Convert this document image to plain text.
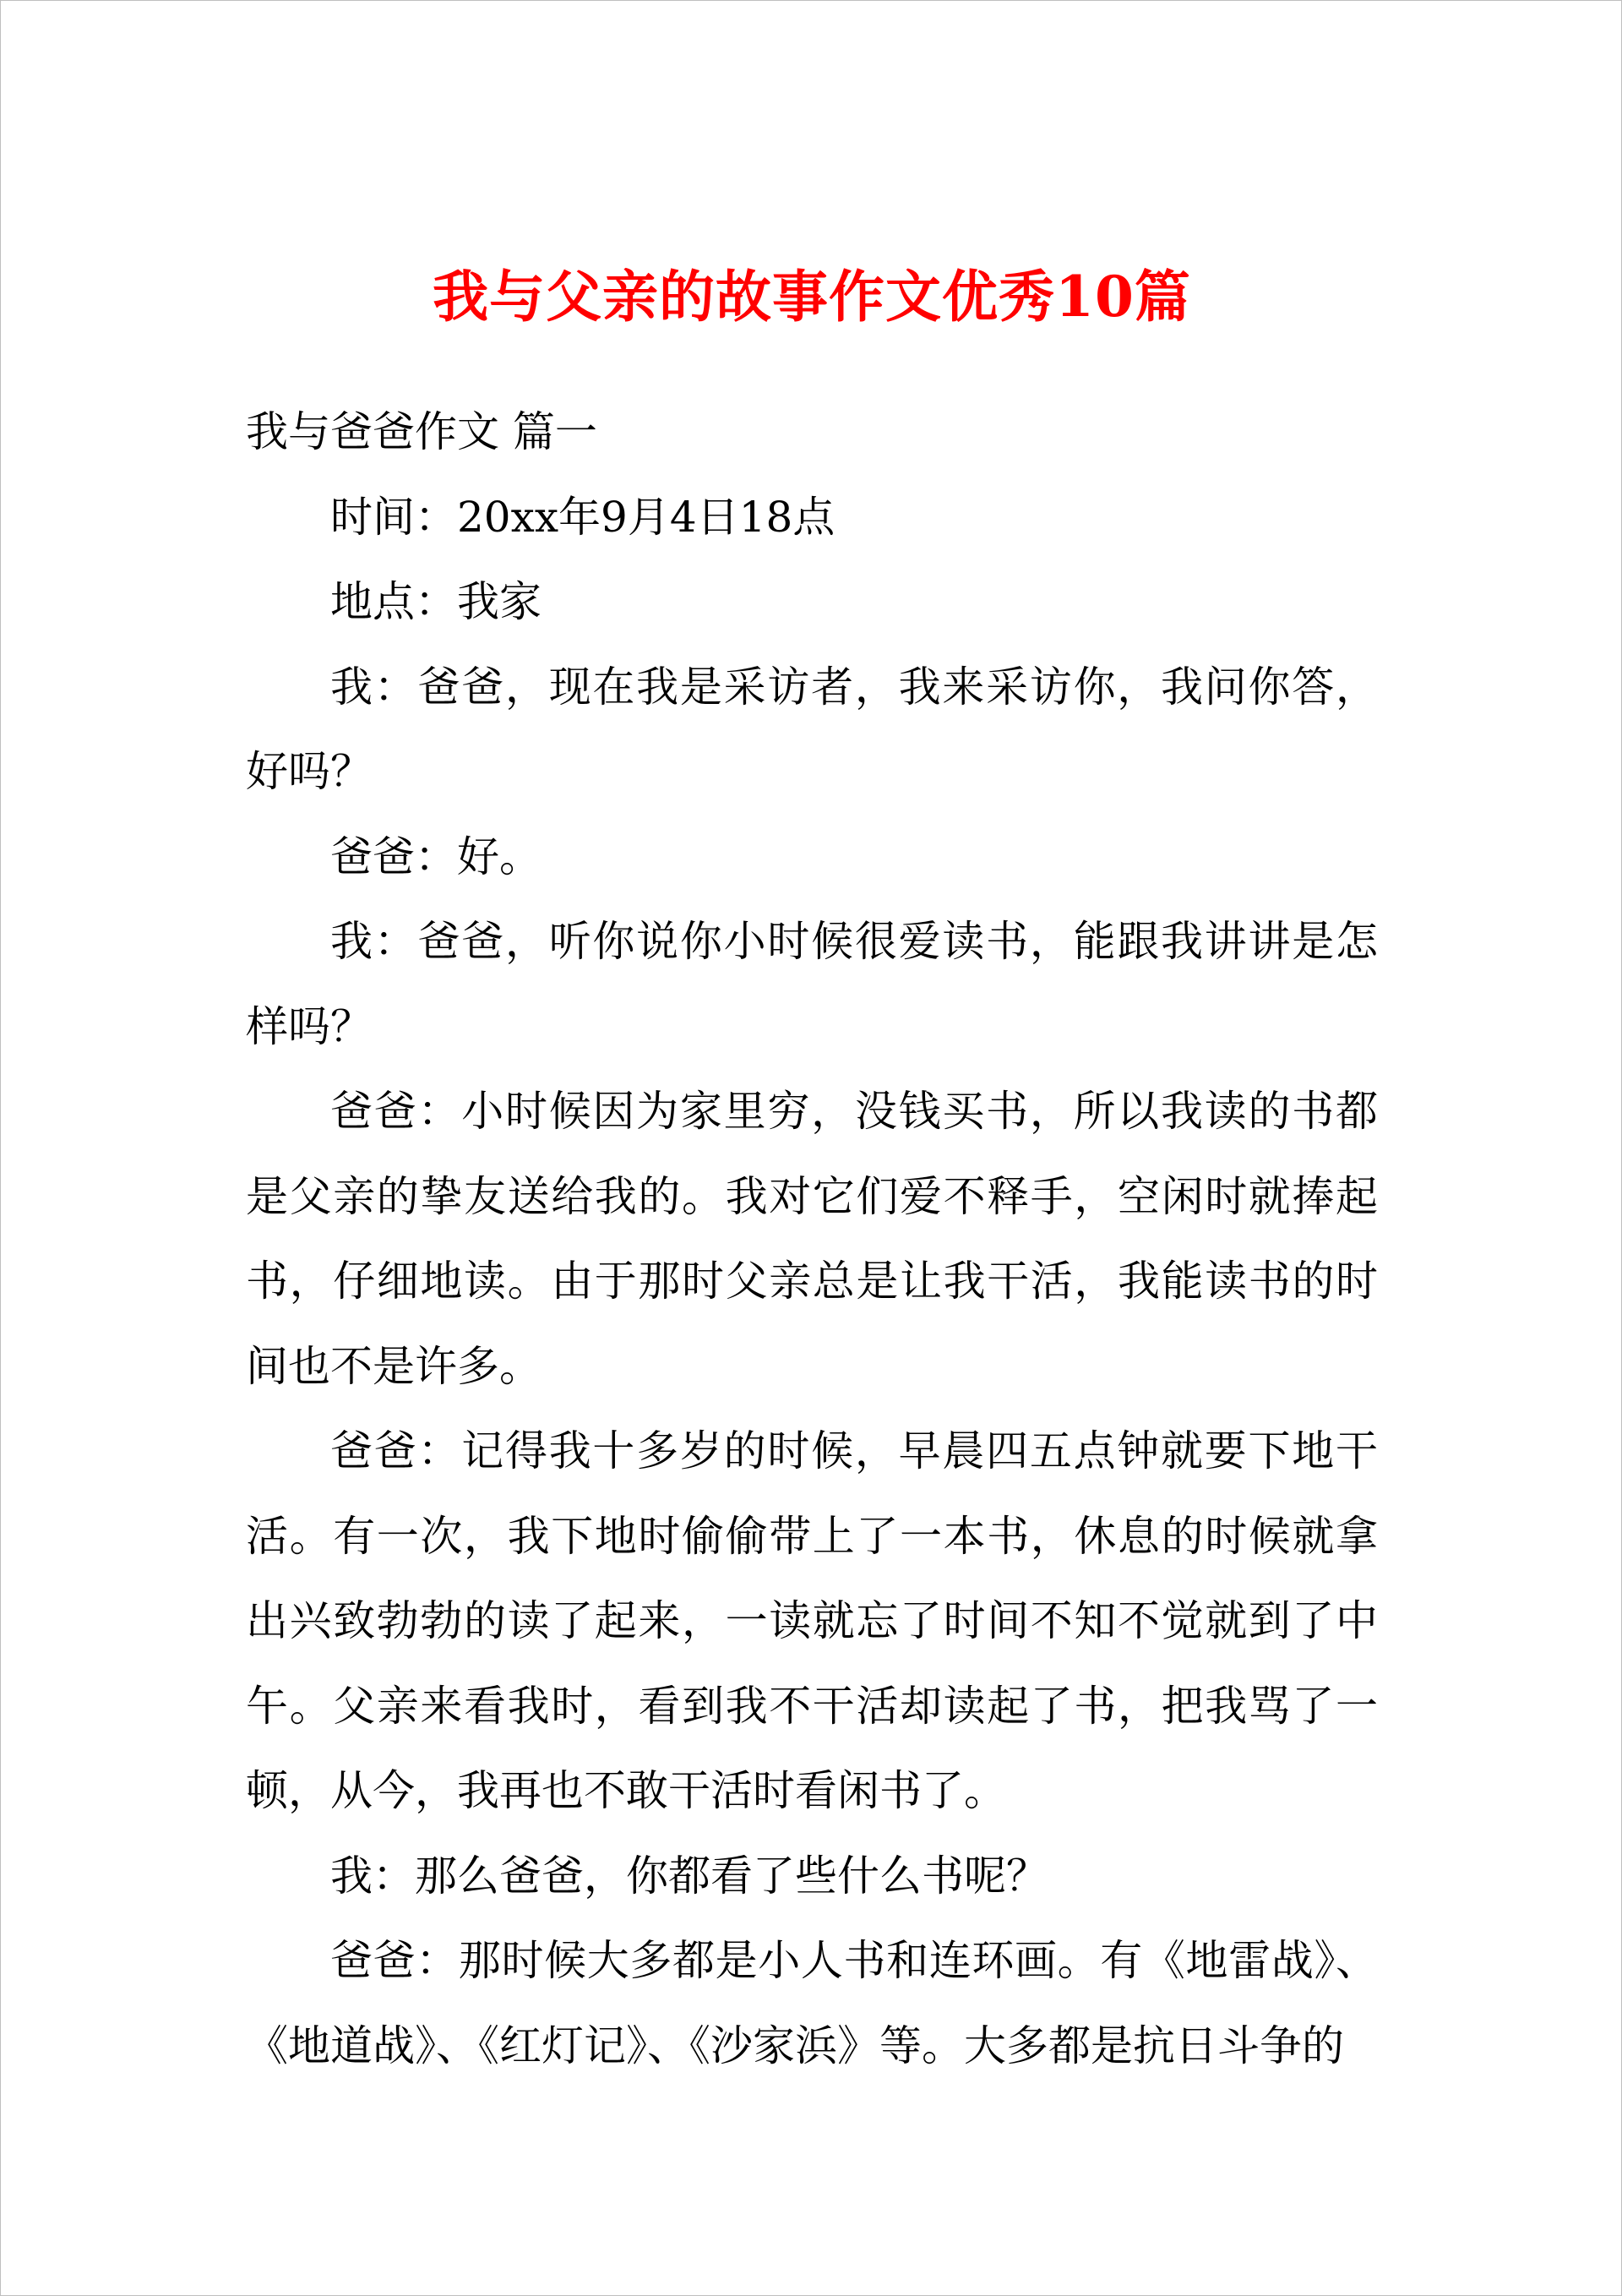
我与父亲的故事作文优秀10篇

我与爸爸作文 篇一

时间：20xx年9月4日18点

地点：我家

我：爸爸，现在我是采访者，我来采访你，我问你答，好吗？

爸爸：好。

我：爸爸，听你说你小时候很爱读书，能跟我讲讲是怎样吗？

爸爸：小时候因为家里穷，没钱买书，所以我读的书都是父亲的挚友送给我的。我对它们爱不释手，空闲时就捧起书，仔细地读。由于那时父亲总是让我干活，我能读书的时间也不是许多。

爸爸：记得我十多岁的时候，早晨四五点钟就要下地干活。有一次，我下地时偷偷带上了一本书，休息的时候就拿出兴致勃勃的读了起来，一读就忘了时间不知不觉就到了中午。父亲来看我时，看到我不干活却读起了书，把我骂了一顿，从今，我再也不敢干活时看闲书了。

我：那么爸爸，你都看了些什么书呢？

爸爸：那时候大多都是小人书和连环画。有《地雷战》、《地道战》、《红灯记》、《沙家浜》等。大多都是抗日斗争的
